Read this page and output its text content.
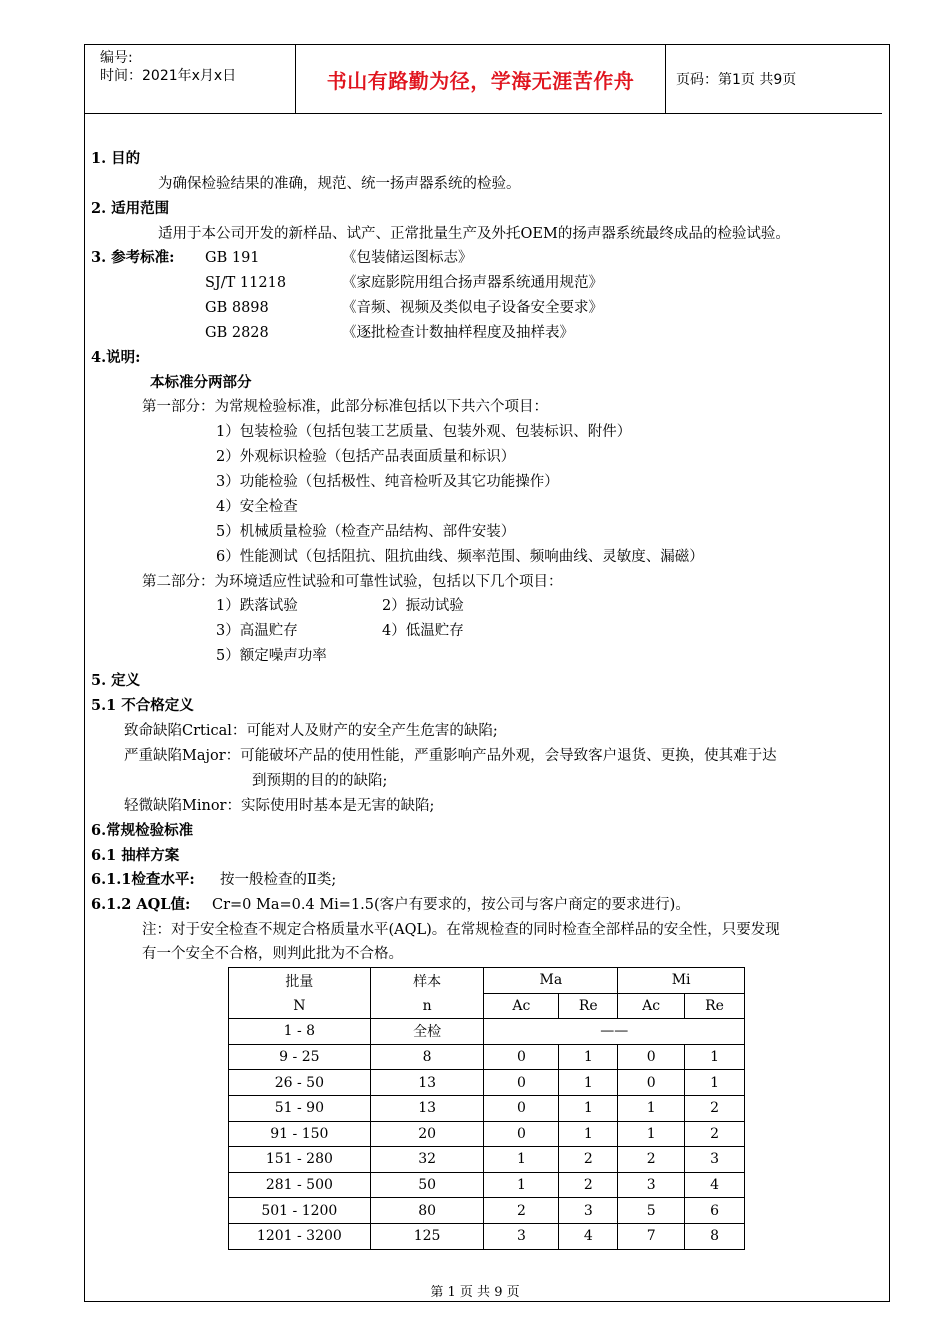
编号:
时间：2021年x月x日	书山有路勤为径，学海无涯苦作舟	页码：第1页 共9页
1. 目的
为确保检验结果的准确，规范、统一扬声器系统的检验。
2. 适用范围
适用于本公司开发的新样品、试产、正常批量生产及外托OEM的扬声器系统最终成品的检验试验。
3. 参考标准: GB 191	《包装储运图标志》
SJ/T 11218	《家庭影院用组合扬声器系统通用规范》
GB 8898	《音频、视频及类似电子设备安全要求》
GB 2828	《逐批检查计数抽样程度及抽样表》
4.说明:
本标准分两部分
第一部分：为常规检验标准，此部分标准包括以下共六个项目：
1）包装检验（包括包装工艺质量、包装外观、包装标识、附件）
2）外观标识检验（包括产品表面质量和标识）
3）功能检验（包括极性、纯音检听及其它功能操作）
4）安全检查
5）机械质量检验（检查产品结构、部件安装）
6）性能测试（包括阻抗、阻抗曲线、频率范围、频响曲线、灵敏度、漏磁）
第二部分：为环境适应性试验和可靠性试验，包括以下几个项目：
1）跌落试验	2）振动试验
3）高温贮存	4）低温贮存
5）额定噪声功率
5. 定义
5.1 不合格定义
致命缺陷Crtical：可能对人及财产的安全产生危害的缺陷;
严重缺陷Major：可能破坏产品的使用性能，严重影响产品外观，会导致客户退货、更换，使其难于达
到预期的目的的缺陷;
轻微缺陷Minor：实际使用时基本是无害的缺陷;
6.常规检验标准
6.1 抽样方案
6.1.1检查水平: 按一般检查的Ⅱ类;
6.1.2 AQL值: Cr=0 Ma=0.4 Mi=1.5(客户有要求的，按公司与客户商定的要求进行)。
注：对于安全检查不规定合格质量水平(AQL)。在常规检查的同时检查全部样品的安全性，只要发现
有一个安全不合格，则判此批为不合格。
批量	样本	Ma		Mi	
N	n	Ac	Re	Ac	Re
1 - 8	全检	——			
9 - 25	8	0	1	0	1
26 - 50	13	0	1	0	1
51 - 90	13	0	1	1	2
91 - 150	20	0	1	1	2
151 - 280	32	1	2	2	3
281 - 500	50	1	2	3	4
501 - 1200	80	2	3	5	6
1201 - 3200	125	3	4	7	8
第 1 页 共 9 页
